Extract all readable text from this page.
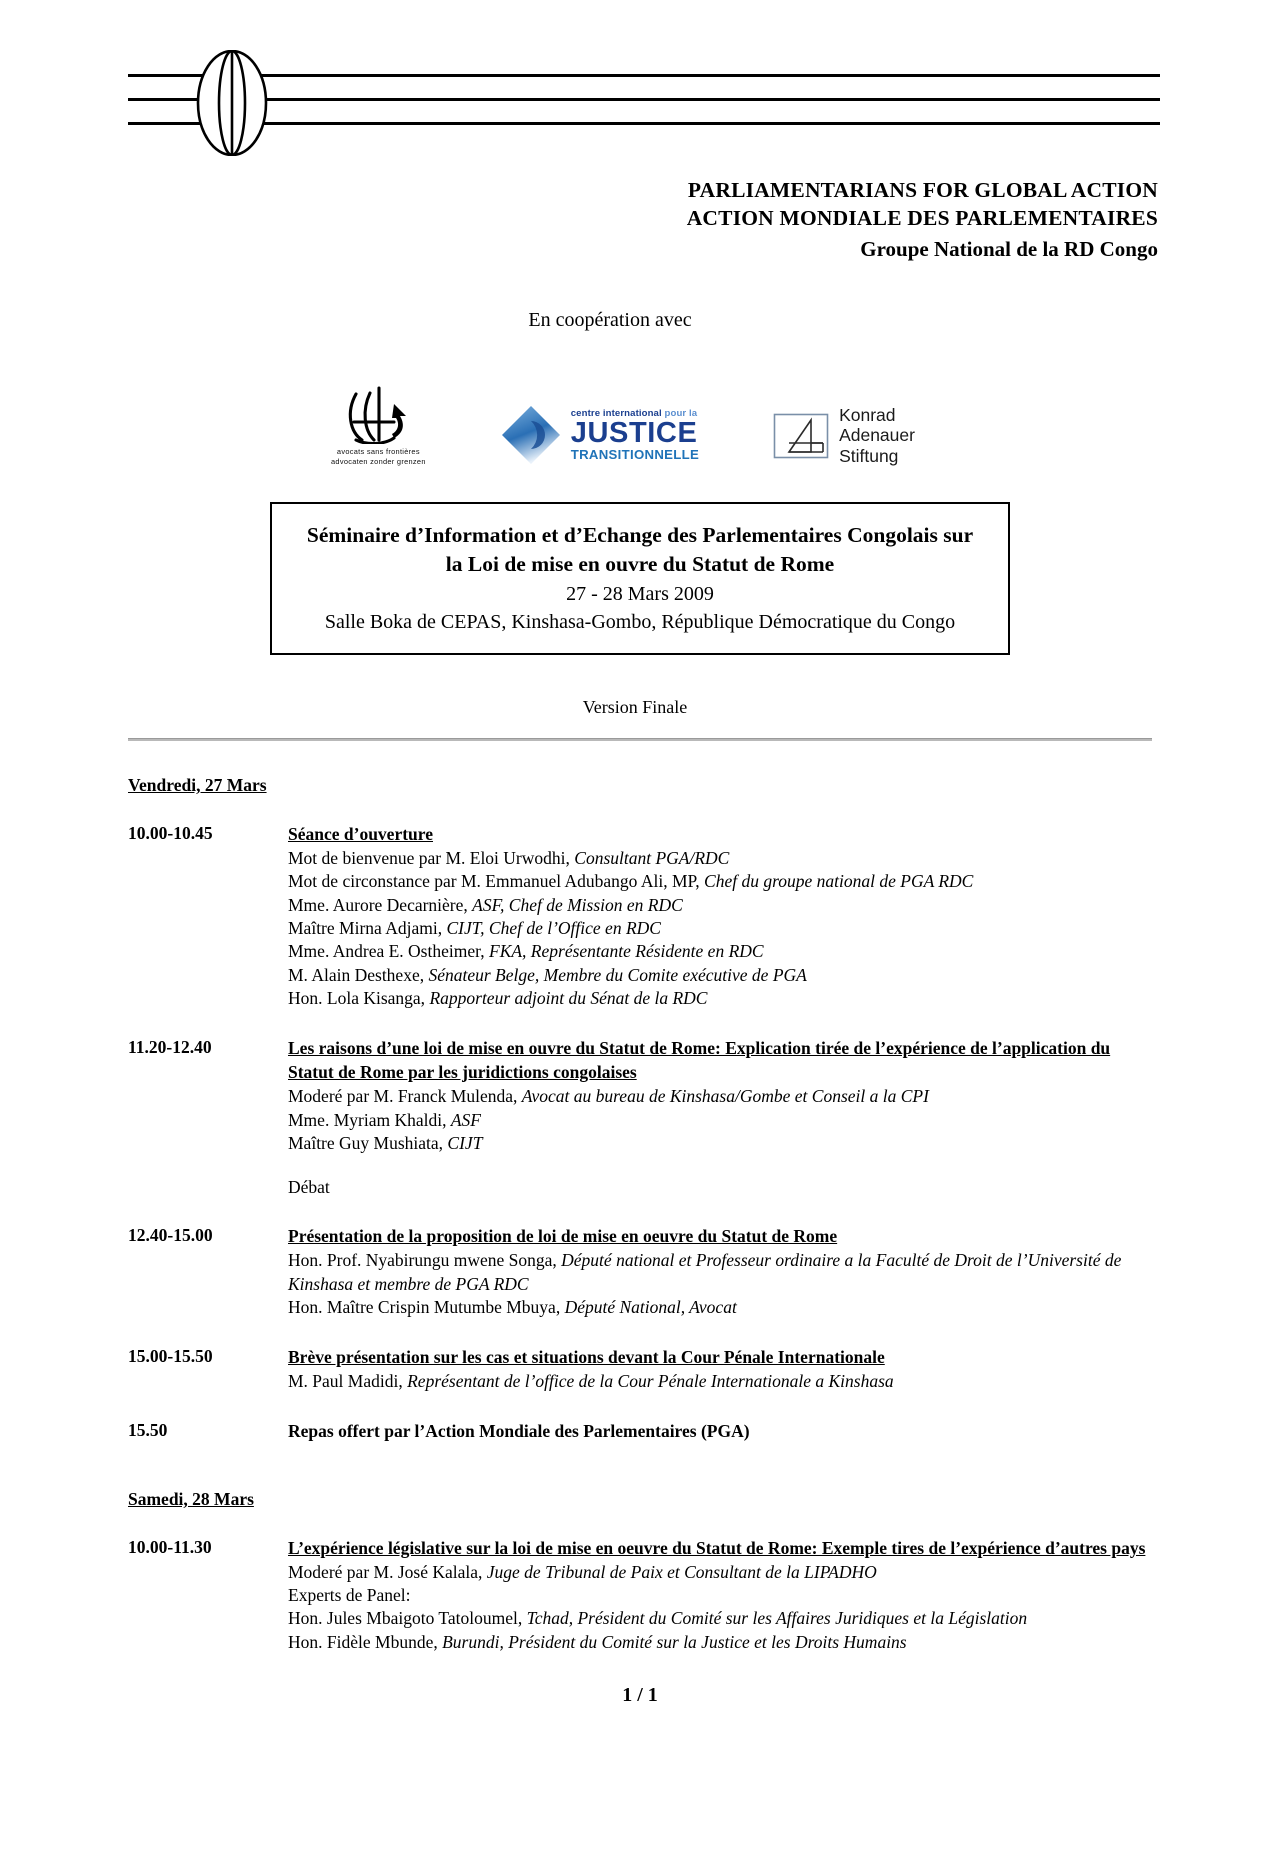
PARLIAMENTARIANS FOR GLOBAL ACTION
ACTION MONDIALE DES PARLEMENTAIRES
Groupe National de la RD Congo
En coopération avec
avocats sans frontières
advocaten zonder grenzen
centre international pour la
JUSTICE
TRANSITIONNELLE
Konrad
Adenauer
Stiftung
Séminaire d’Information et d’Echange des Parlementaires Congolais sur
la Loi de mise en ouvre du Statut de Rome
27 - 28 Mars 2009
Salle Boka de CEPAS, Kinshasa-Gombo, République Démocratique du Congo
Version Finale
Vendredi, 27 Mars
10.00-10.45	Séance d’ouverture
Mot de bienvenue par M. Eloi Urwodhi, Consultant PGA/RDC
Mot de circonstance par M. Emmanuel Adubango Ali, MP, Chef du groupe national de PGA RDC
Mme. Aurore Decarnière, ASF, Chef de Mission en RDC
Maître Mirna Adjami, CIJT, Chef de l’Office en RDC
Mme. Andrea E. Ostheimer, FKA, Représentante Résidente en RDC
M. Alain Desthexe, Sénateur Belge, Membre du Comite exécutive de PGA
Hon. Lola Kisanga, Rapporteur adjoint du Sénat de la RDC
11.20-12.40	Les raisons d’une loi de mise en ouvre du Statut de Rome: Explication tirée de l’expérience de l’application du Statut de Rome par les juridictions congolaises
Moderé par M. Franck Mulenda, Avocat au bureau de Kinshasa/Gombe et Conseil a la CPI
Mme. Myriam Khaldi, ASF
Maître Guy Mushiata, CIJT
Débat
12.40-15.00	Présentation de la proposition de loi de mise en oeuvre du Statut de Rome
Hon. Prof. Nyabirungu mwene Songa, Député national et Professeur ordinaire a la Faculté de Droit de l’Université de Kinshasa et membre de PGA RDC
Hon. Maître Crispin Mutumbe Mbuya, Député National, Avocat
15.00-15.50	Brève présentation sur les cas et situations devant la Cour Pénale Internationale
M. Paul Madidi, Représentant de l’office de la Cour Pénale Internationale a Kinshasa
15.50	Repas offert par l’Action Mondiale des Parlementaires (PGA)
Samedi, 28 Mars
10.00-11.30	L’expérience législative sur la loi de mise en oeuvre du Statut de Rome: Exemple tires de l’expérience d’autres pays
Moderé par M. José Kalala, Juge de Tribunal de Paix et Consultant de la LIPADHO
Experts de Panel:
Hon. Jules Mbaigoto Tatoloumel, Tchad, Président du Comité sur les Affaires Juridiques et la Législation
Hon. Fidèle Mbunde, Burundi, Président du Comité sur la Justice et les Droits Humains
1 / 1
